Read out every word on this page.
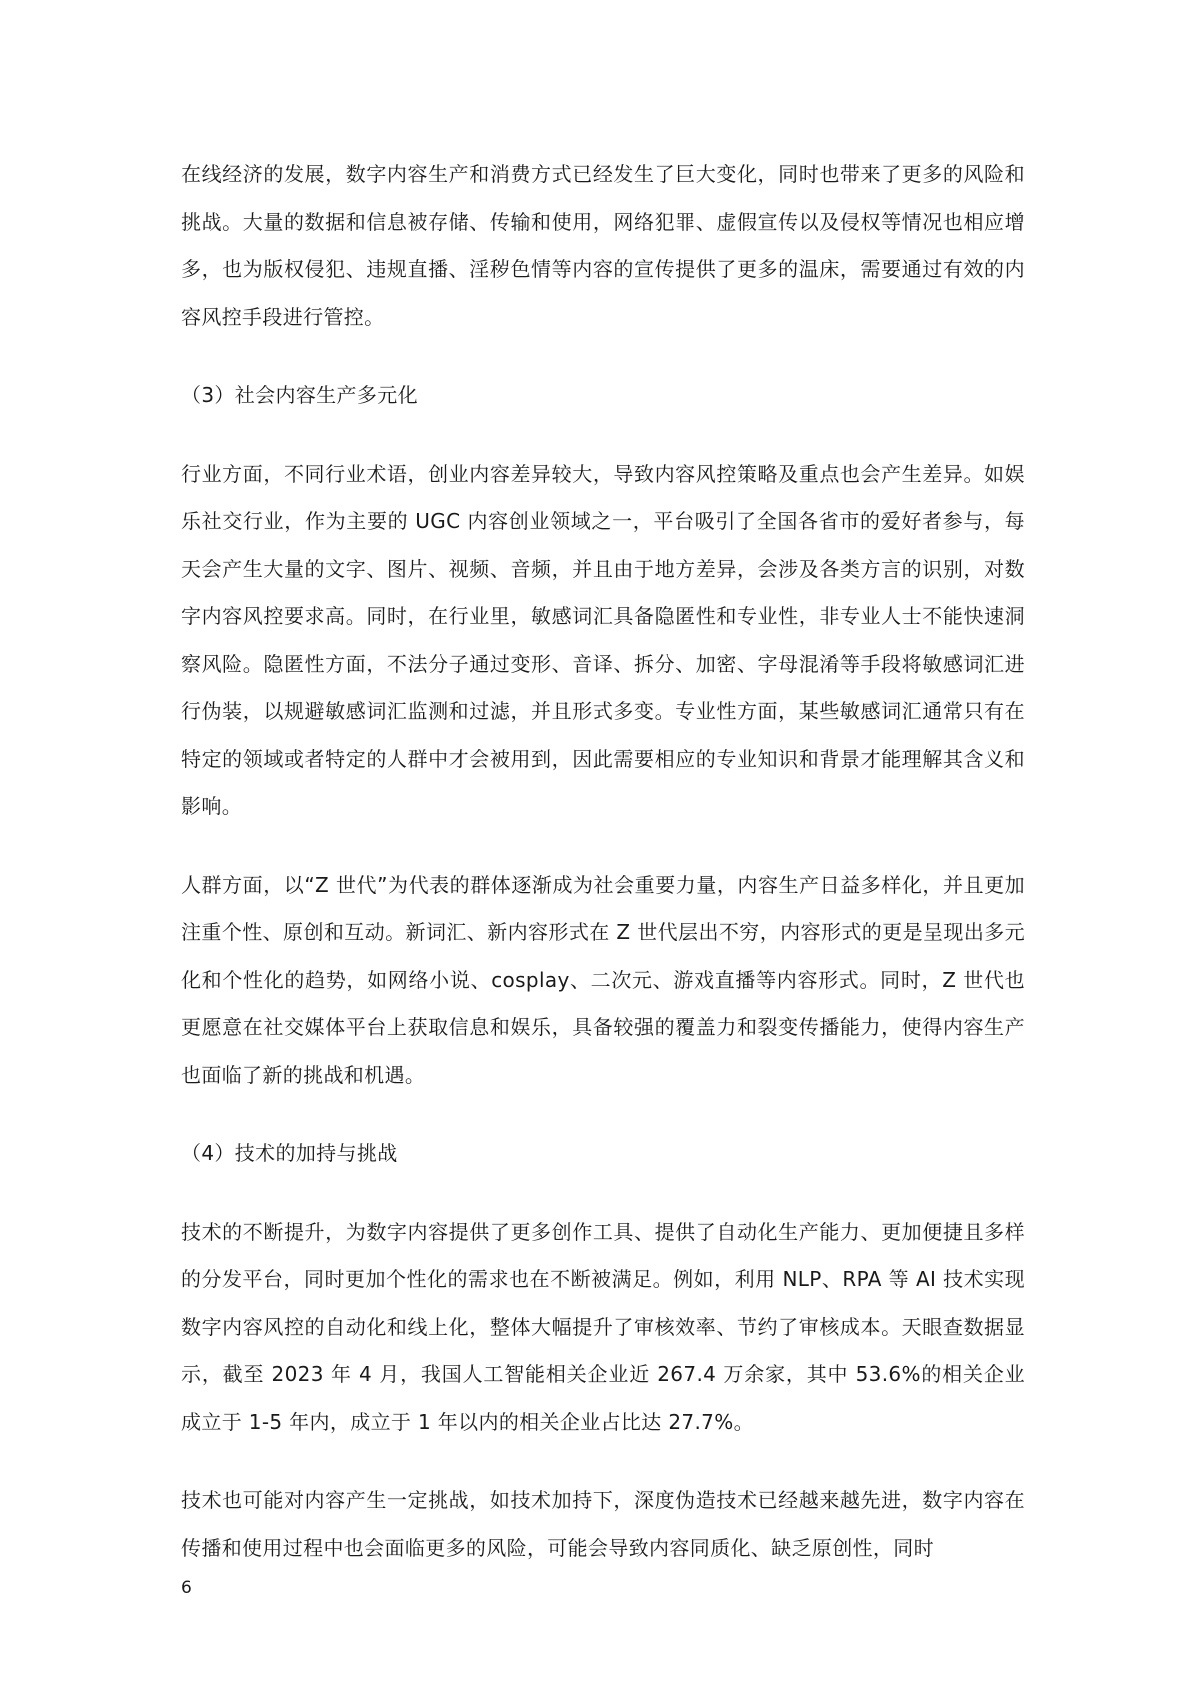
在线经济的发展，数字内容生产和消费方式已经发生了巨大变化，同时也带来了更多的风险和挑战。大量的数据和信息被存储、传输和使用，网络犯罪、虚假宣传以及侵权等情况也相应增多，也为版权侵犯、违规直播、淫秽色情等内容的宣传提供了更多的温床，需要通过有效的内容风控手段进行管控。

（3）社会内容生产多元化

行业方面，不同行业术语，创业内容差异较大，导致内容风控策略及重点也会产生差异。如娱乐社交行业，作为主要的 UGC 内容创业领域之一，平台吸引了全国各省市的爱好者参与，每天会产生大量的文字、图片、视频、音频，并且由于地方差异，会涉及各类方言的识别，对数字内容风控要求高。同时，在行业里，敏感词汇具备隐匿性和专业性，非专业人士不能快速洞察风险。隐匿性方面，不法分子通过变形、音译、拆分、加密、字母混淆等手段将敏感词汇进行伪装，以规避敏感词汇监测和过滤，并且形式多变。专业性方面，某些敏感词汇通常只有在特定的领域或者特定的人群中才会被用到，因此需要相应的专业知识和背景才能理解其含义和影响。

人群方面，以“Z 世代”为代表的群体逐渐成为社会重要力量，内容生产日益多样化，并且更加注重个性、原创和互动。新词汇、新内容形式在 Z 世代层出不穷，内容形式的更是呈现出多元化和个性化的趋势，如网络小说、cosplay、二次元、游戏直播等内容形式。同时，Z 世代也更愿意在社交媒体平台上获取信息和娱乐，具备较强的覆盖力和裂变传播能力，使得内容生产也面临了新的挑战和机遇。

（4）技术的加持与挑战

技术的不断提升，为数字内容提供了更多创作工具、提供了自动化生产能力、更加便捷且多样的分发平台，同时更加个性化的需求也在不断被满足。例如，利用 NLP、RPA 等 AI 技术实现数字内容风控的自动化和线上化，整体大幅提升了审核效率、节约了审核成本。天眼查数据显示，截至 2023 年 4 月，我国人工智能相关企业近 267.4 万余家，其中 53.6%的相关企业成立于 1-5 年内，成立于 1 年以内的相关企业占比达 27.7%。

技术也可能对内容产生一定挑战，如技术加持下，深度伪造技术已经越来越先进，数字内容在传播和使用过程中也会面临更多的风险，可能会导致内容同质化、缺乏原创性，同时

6
